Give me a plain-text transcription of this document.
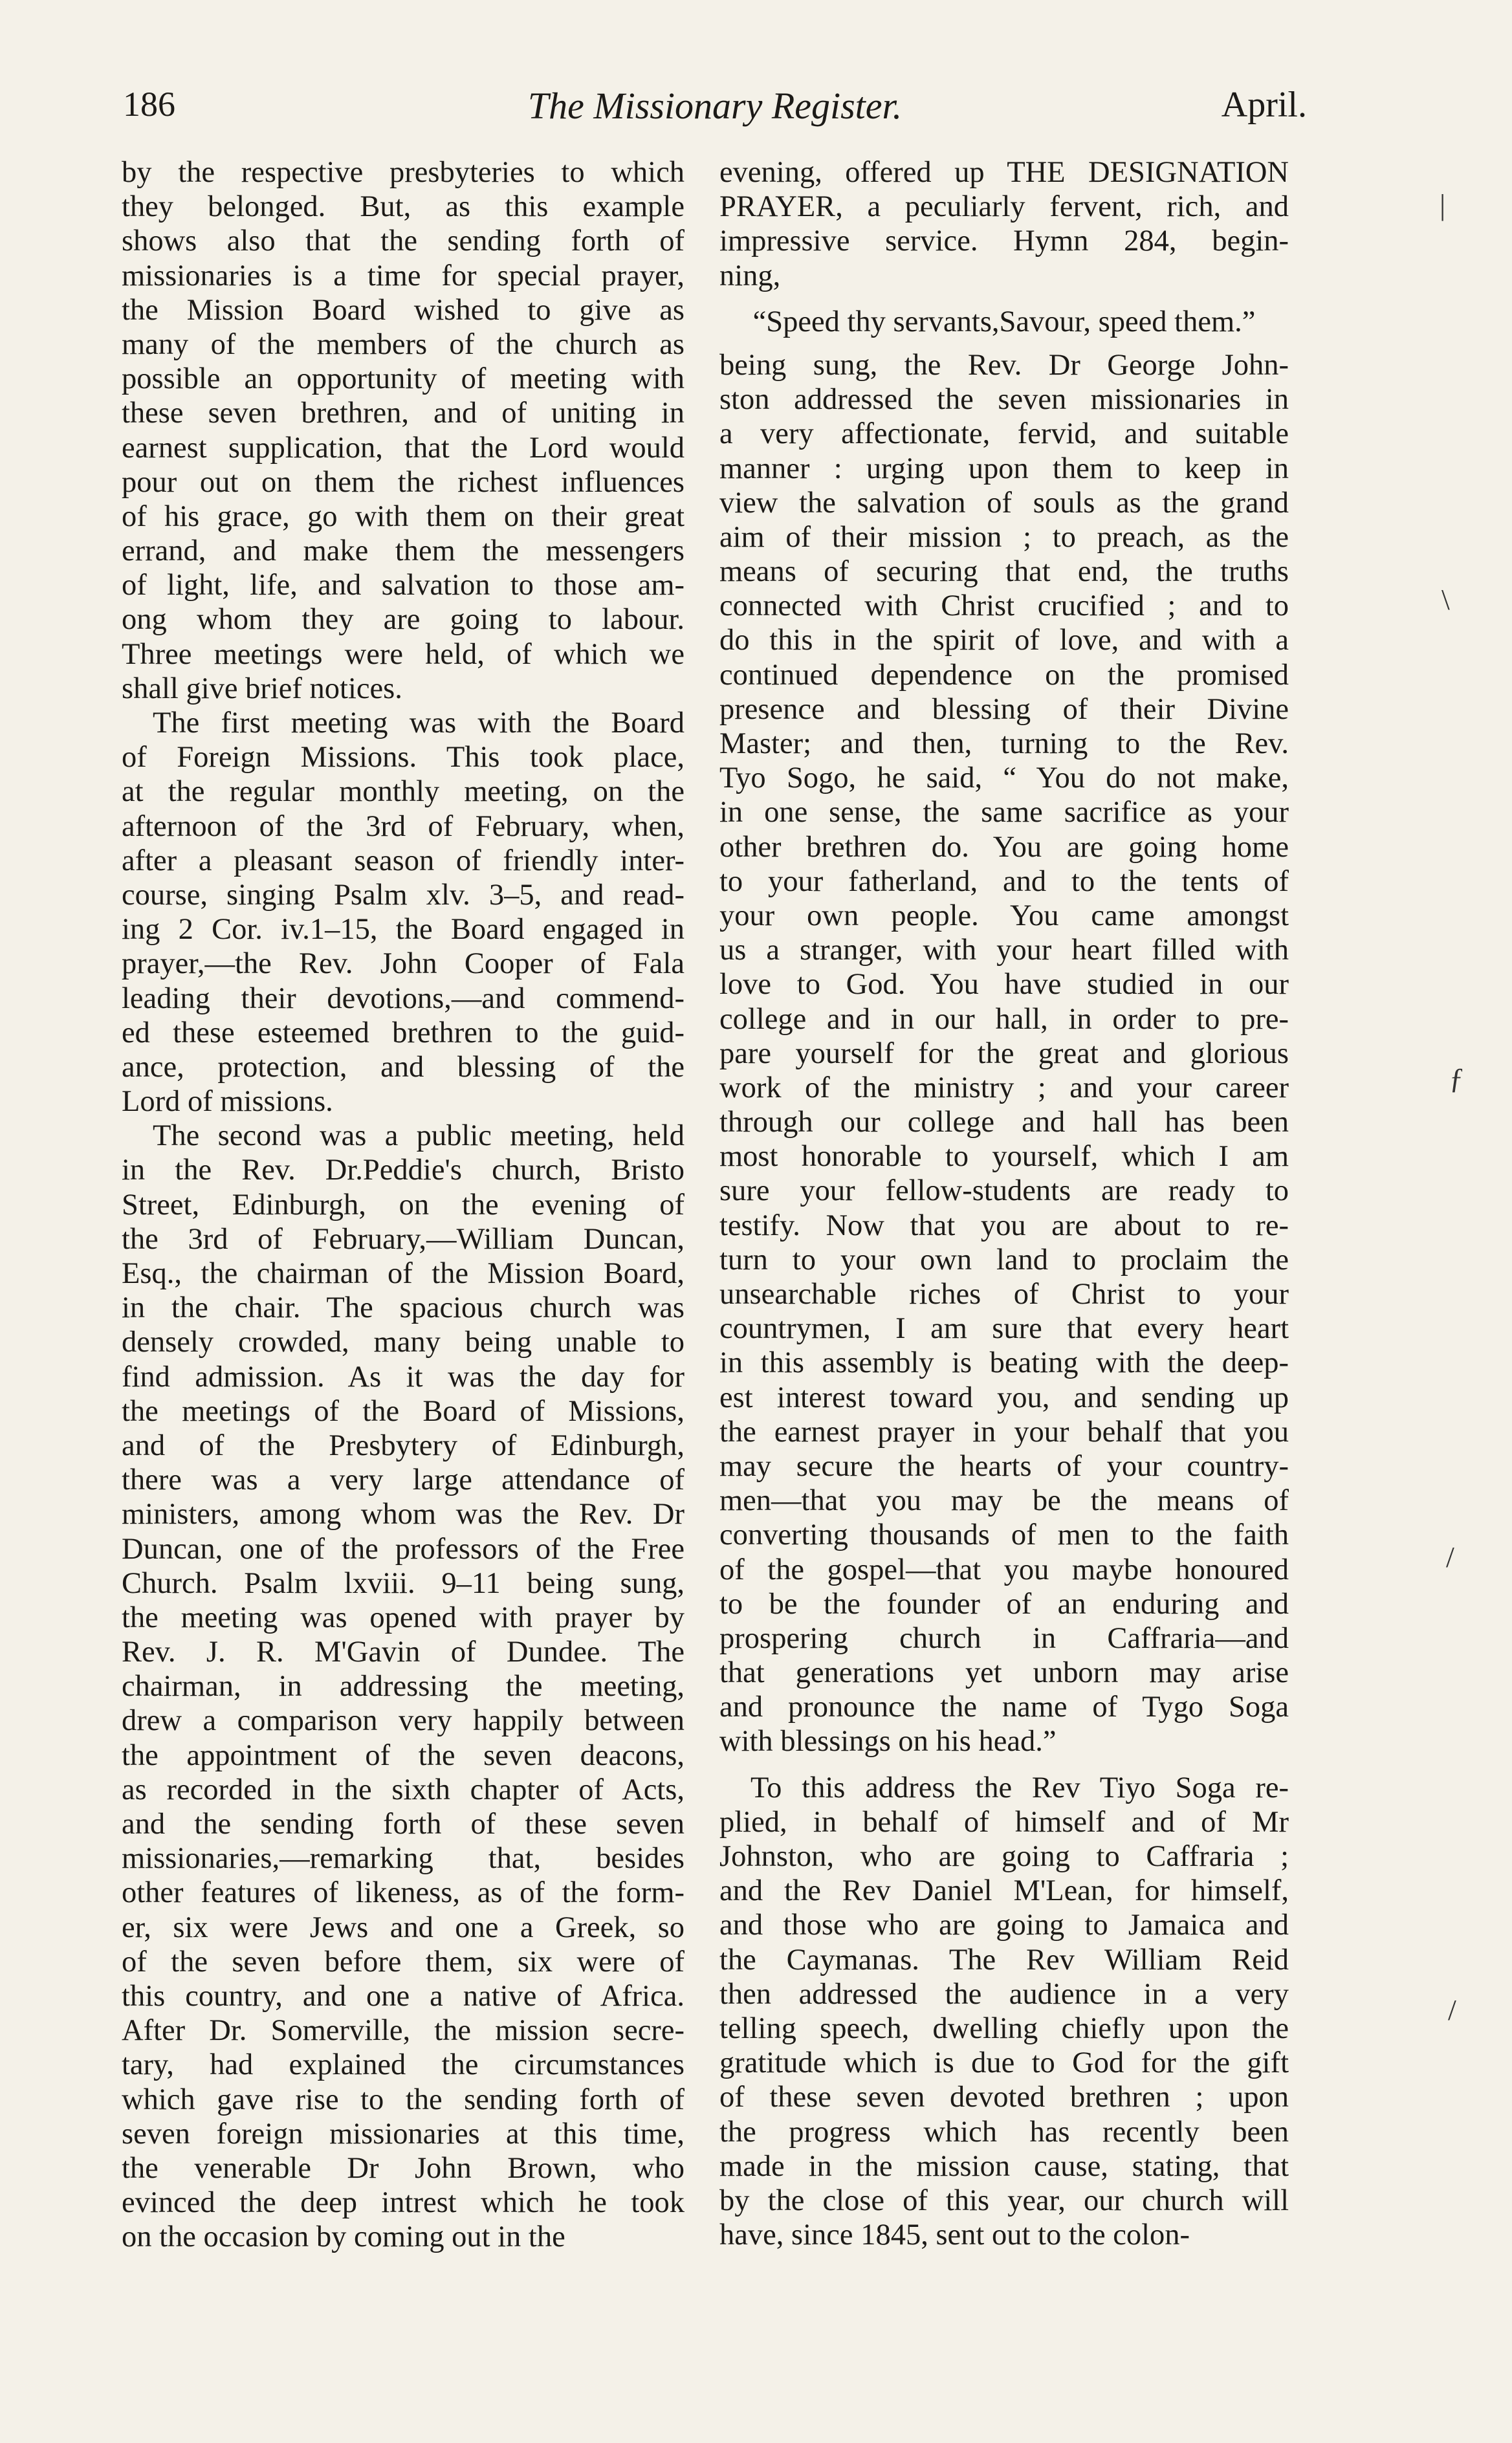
186	The Missionary Register.	April.
by the respective presbyteries to which
they belonged. But, as this example
shows also that the sending forth of
missionaries is a time for special prayer,
the Mission Board wished to give as
many of the members of the church as
possible an opportunity of meeting with
these seven brethren, and of uniting in
earnest supplication, that the Lord would
pour out on them the richest influences
of his grace, go with them on their great
errand, and make them the messengers
of light, life, and salvation to those am-
ong whom they are going to labour.
Three meetings were held, of which we
shall give brief notices.
The first meeting was with the Board
of Foreign Missions. This took place,
at the regular monthly meeting, on the
afternoon of the 3rd of February, when,
after a pleasant season of friendly inter-
course, singing Psalm xlv. 3–5, and read-
ing 2 Cor. iv.1–15, the Board engaged in
prayer,—the Rev. John Cooper of Fala
leading their devotions,—and commend-
ed these esteemed brethren to the guid-
ance, protection, and blessing of the
Lord of missions.
The second was a public meeting, held
in the Rev. Dr.Peddie's church, Bristo
Street, Edinburgh, on the evening of
the 3rd of February,—William Duncan,
Esq., the chairman of the Mission Board,
in the chair. The spacious church was
densely crowded, many being unable to
find admission. As it was the day for
the meetings of the Board of Missions,
and of the Presbytery of Edinburgh,
there was a very large attendance of
ministers, among whom was the Rev. Dr
Duncan, one of the professors of the Free
Church. Psalm lxviii. 9–11 being sung,
the meeting was opened with prayer by
Rev. J. R. M'Gavin of Dundee. The
chairman, in addressing the meeting,
drew a comparison very happily between
the appointment of the seven deacons,
as recorded in the sixth chapter of Acts,
and the sending forth of these seven
missionaries,—remarking that, besides
other features of likeness, as of the form-
er, six were Jews and one a Greek, so
of the seven before them, six were of
this country, and one a native of Africa.
After Dr. Somerville, the mission secre-
tary, had explained the circumstances
which gave rise to the sending forth of
seven foreign missionaries at this time,
the venerable Dr John Brown, who
evinced the deep intrest which he took
on the occasion by coming out in the
evening, offered up THE DESIGNATION
PRAYER, a peculiarly fervent, rich, and
impressive service. Hymn 284, begin-
ning,
“Speed thy servants,Savour, speed them.”
being sung, the Rev. Dr George John-
ston addressed the seven missionaries in
a very affectionate, fervid, and suitable
manner : urging upon them to keep in
view the salvation of souls as the grand
aim of their mission ; to preach, as the
means of securing that end, the truths
connected with Christ crucified ; and to
do this in the spirit of love, and with a
continued dependence on the promised
presence and blessing of their Divine
Master; and then, turning to the Rev.
Tyo Sogo, he said, “ You do not make,
in one sense, the same sacrifice as your
other brethren do. You are going home
to your fatherland, and to the tents of
your own people. You came amongst
us a stranger, with your heart filled with
love to God. You have studied in our
college and in our hall, in order to pre-
pare yourself for the great and glorious
work of the ministry ; and your career
through our college and hall has been
most honorable to yourself, which I am
sure your fellow-students are ready to
testify. Now that you are about to re-
turn to your own land to proclaim the
unsearchable riches of Christ to your
countrymen, I am sure that every heart
in this assembly is beating with the deep-
est interest toward you, and sending up
the earnest prayer in your behalf that you
may secure the hearts of your country-
men—that you may be the means of
converting thousands of men to the faith
of the gospel—that you maybe honoured
to be the founder of an enduring and
prospering church in Caffraria—and
that generations yet unborn may arise
and pronounce the name of Tygo Soga
with blessings on his head.”
To this address the Rev Tiyo Soga re-
plied, in behalf of himself and of Mr
Johnston, who are going to Caffraria ;
and the Rev Daniel M'Lean, for himself,
and those who are going to Jamaica and
the Caymanas. The Rev William Reid
then addressed the audience in a very
telling speech, dwelling chiefly upon the
gratitude which is due to God for the gift
of these seven devoted brethren ; upon
the progress which has recently been
made in the mission cause, stating, that
by the close of this year, our church will
have, since 1845, sent out to the colon-
|
\
ƒ
/
/
